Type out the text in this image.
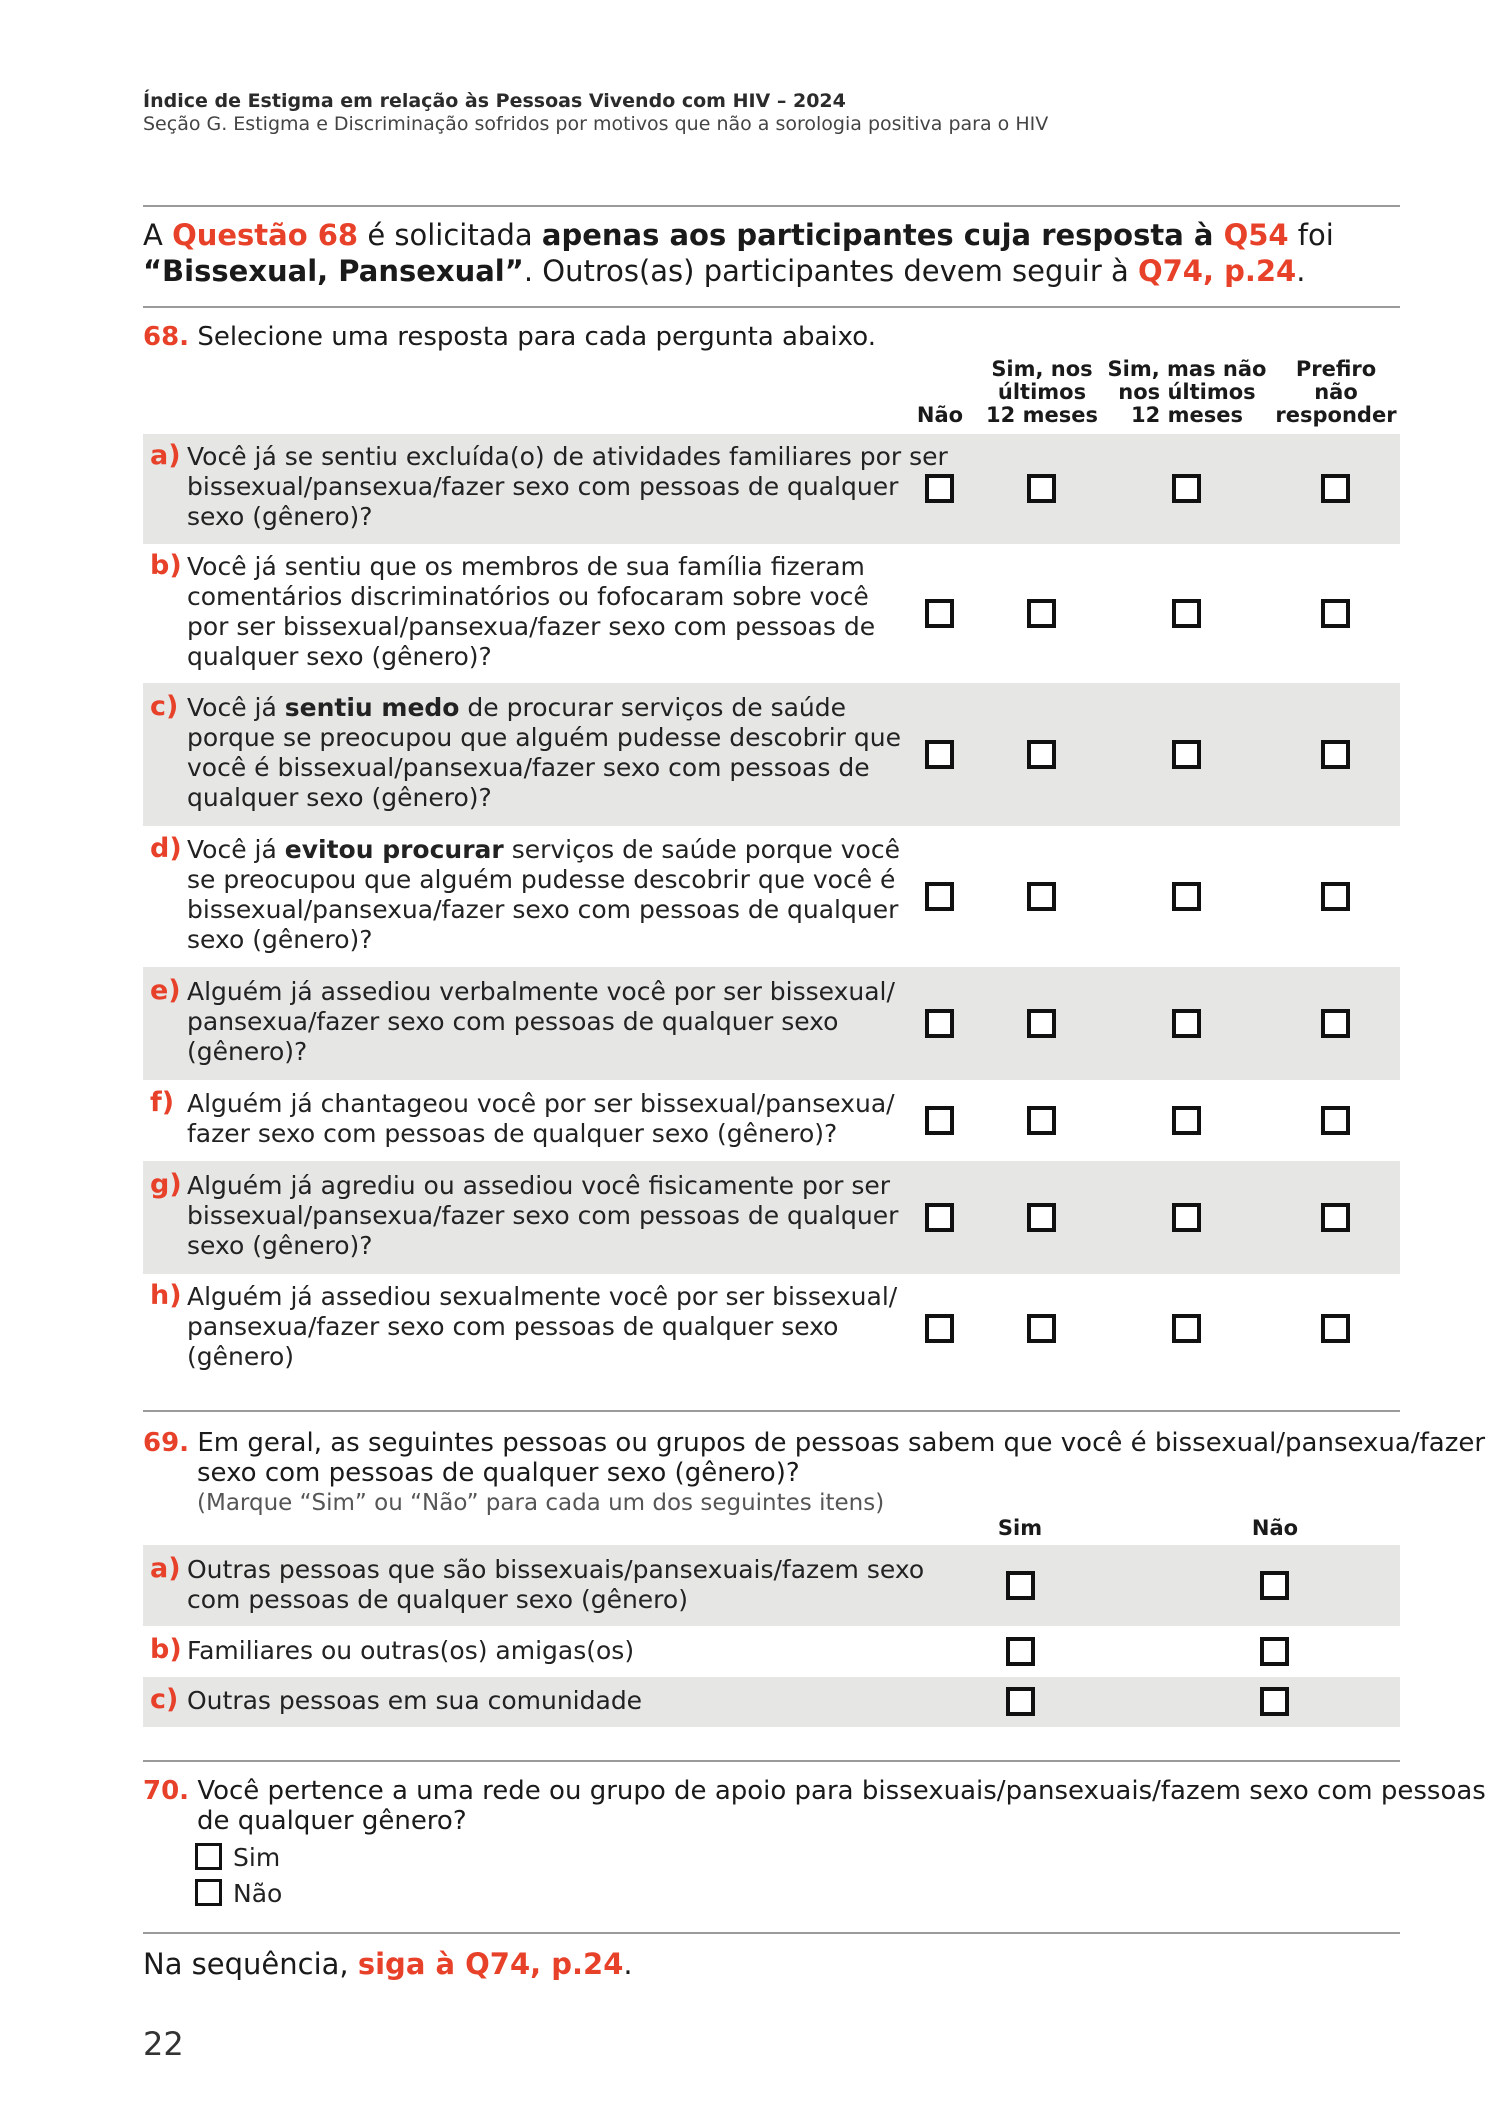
Índice de Estigma em relação às Pessoas Vivendo com HIV – 2024
Seção G. Estigma e Discriminação sofridos por motivos que não a sorologia positiva para o HIV
A Questão 68 é solicitada apenas aos participantes cuja resposta à Q54 foi
“Bissexual, Pansexual”. Outros(as) participantes devem seguir à Q74, p.24.
68. Selecione uma resposta para cada pergunta abaixo.
Não
Sim, nos
últimos
12 meses
Sim, mas não
nos últimos
12 meses
Prefiro
não
responder
a) Você já se sentiu excluída(o) de atividades familiares por ser
bissexual/pansexua/fazer sexo com pessoas de qualquer
sexo (gênero)?
b) Você já sentiu que os membros de sua família fizeram
comentários discriminatórios ou fofocaram sobre você
por ser bissexual/pansexua/fazer sexo com pessoas de
qualquer sexo (gênero)?
c) Você já sentiu medo de procurar serviços de saúde
porque se preocupou que alguém pudesse descobrir que
você é bissexual/pansexua/fazer sexo com pessoas de
qualquer sexo (gênero)?
d) Você já evitou procurar serviços de saúde porque você
se preocupou que alguém pudesse descobrir que você é
bissexual/pansexua/fazer sexo com pessoas de qualquer
sexo (gênero)?
e) Alguém já assediou verbalmente você por ser bissexual/
pansexua/fazer sexo com pessoas de qualquer sexo
(gênero)?
f) Alguém já chantageou você por ser bissexual/pansexua/
fazer sexo com pessoas de qualquer sexo (gênero)?
g) Alguém já agrediu ou assediou você fisicamente por ser
bissexual/pansexua/fazer sexo com pessoas de qualquer
sexo (gênero)?
h) Alguém já assediou sexualmente você por ser bissexual/
pansexua/fazer sexo com pessoas de qualquer sexo
(gênero)
69. Em geral, as seguintes pessoas ou grupos de pessoas sabem que você é bissexual/pansexua/fazer
sexo com pessoas de qualquer sexo (gênero)?
(Marque “Sim” ou “Não” para cada um dos seguintes itens)
Sim	Não
a) Outras pessoas que são bissexuais/pansexuais/fazem sexo
com pessoas de qualquer sexo (gênero)
b) Familiares ou outras(os) amigas(os)
c) Outras pessoas em sua comunidade
70. Você pertence a uma rede ou grupo de apoio para bissexuais/pansexuais/fazem sexo com pessoas
de qualquer gênero?
Sim
Não
Na sequência, siga à Q74, p.24.
22
